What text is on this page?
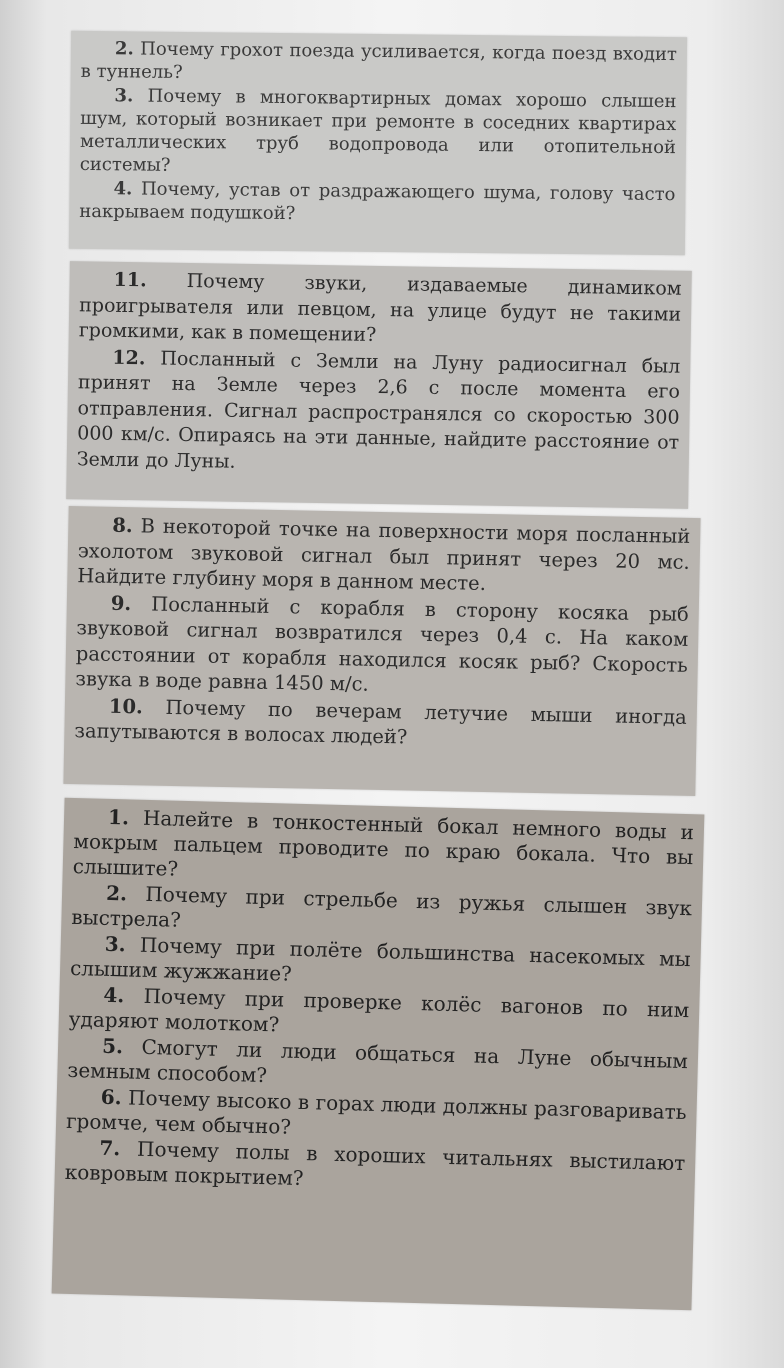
2. Почему грохот поезда усиливается, когда поезд входит в туннель?

3. Почему в многоквартирных домах хорошо слышен шум, который возникает при ремонте в соседних квартирах металлических труб водопровода или отопительной системы?

4. Почему, устав от раздражающего шума, голову часто накрываем подушкой?

11. Почему звуки, издаваемые динамиком проигрывателя или певцом, на улице будут не такими громкими, как в помещении?

12. Посланный с Земли на Луну радиосигнал был принят на Земле через 2,6 с после момента его отправления. Сигнал распространялся со скоростью 300 000 км/с. Опираясь на эти данные, найдите расстояние от Земли до Луны.

8. В некоторой точке на поверхности моря посланный эхолотом звуковой сигнал был принят через 20 мс. Найдите глубину моря в данном месте.

9. Посланный с корабля в сторону косяка рыб звуковой сигнал возвратился через 0,4 с. На каком расстоянии от корабля находился косяк рыб? Скорость звука в воде равна 1450 м/с.

10. Почему по вечерам летучие мыши иногда запутываются в волосах людей?

1. Налейте в тонкостенный бокал немного воды и мокрым пальцем проводите по краю бокала. Что вы слышите?

2. Почему при стрельбе из ружья слышен звук выстрела?

3. Почему при полёте большинства насекомых мы слышим жужжание?

4. Почему при проверке колёс вагонов по ним ударяют молотком?

5. Смогут ли люди общаться на Луне обычным земным способом?

6. Почему высоко в горах люди должны разговаривать громче, чем обычно?

7. Почему полы в хороших читальнях выстилают ковровым покрытием?
